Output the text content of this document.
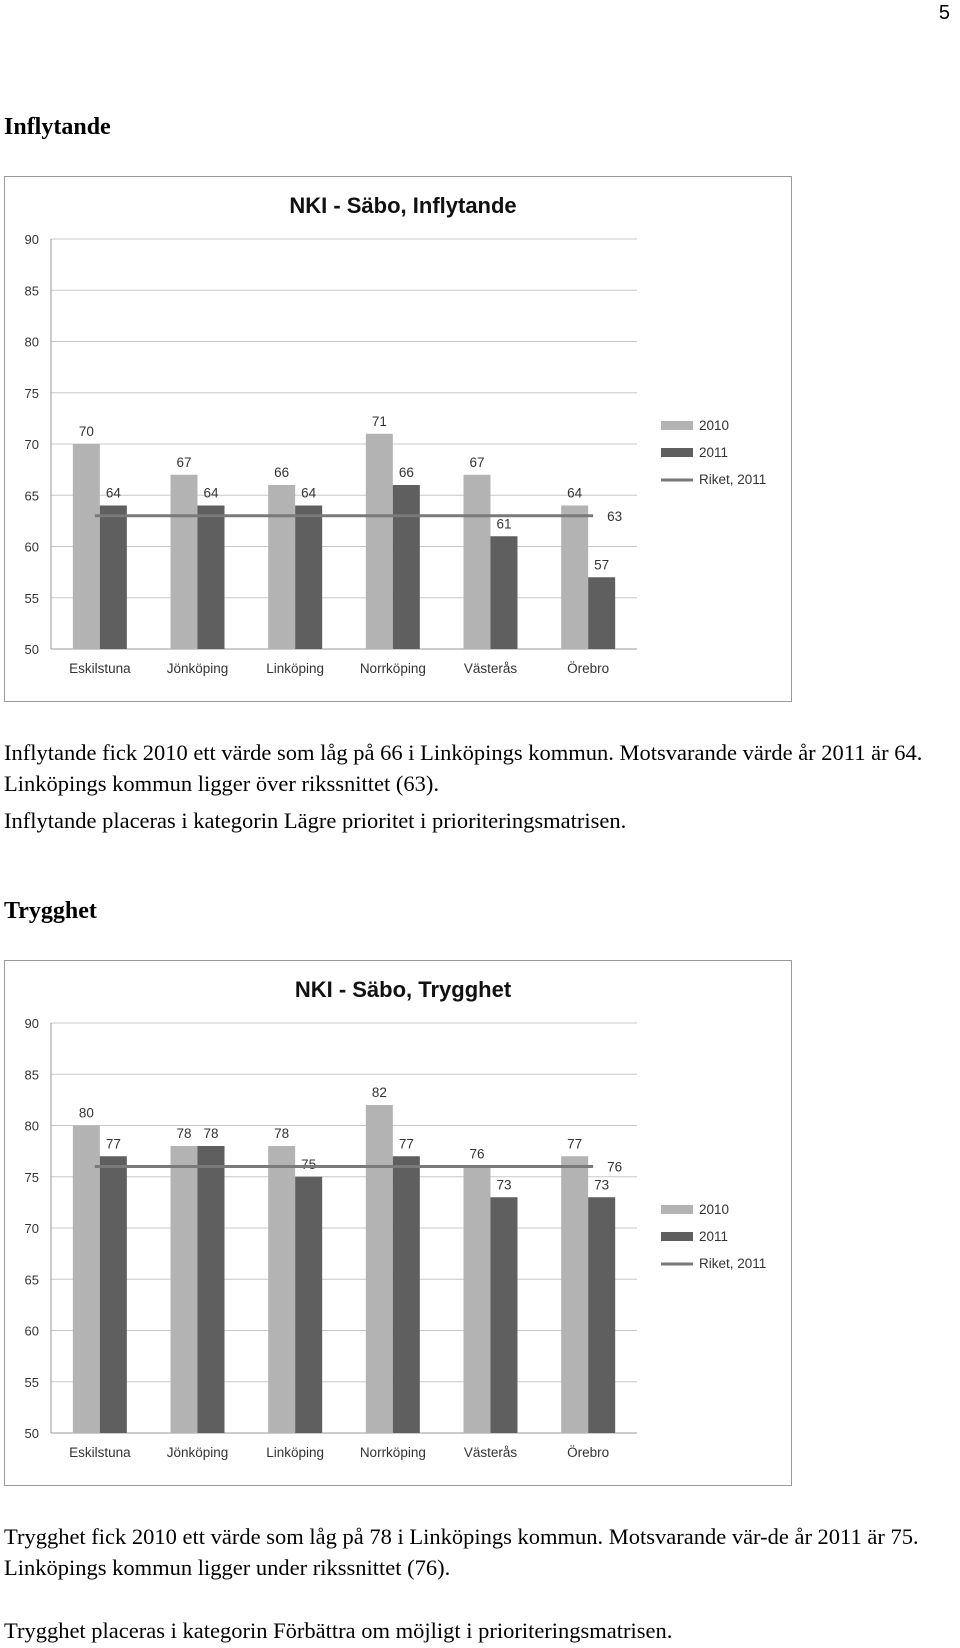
5
Inflytande
NKI - Säbo, Inflytande
50
55
60
65
70
75
80
85
90
70
64
Eskilstuna
67
64
Jönköping
66
64
Linköping
71
66
Norrköping
67
61
Västerås
64
57
Örebro
63
2010
2011
Riket, 2011

Inflytande fick 2010 ett värde som låg på 66 i Linköpings kommun. Motsvarande värde år 2011 är 64. Linköpings kommun ligger över rikssnittet (63).

Inflytande placeras i kategorin Lägre prioritet i prioriteringsmatrisen.

Trygghet
NKI - Säbo, Trygghet
50
55
60
65
70
75
80
85
90
80
77
Eskilstuna
78 78
Jönköping
78
75
Linköping
82
77
Norrköping
76
73
Västerås
77
73
Örebro
76
2010
2011
Riket, 2011

Trygghet fick 2010 ett värde som låg på 78 i Linköpings kommun. Motsvarande vär-de år 2011 är 75. Linköpings kommun ligger under rikssnittet (76).

Trygghet placeras i kategorin Förbättra om möjligt i prioriteringsmatrisen.
